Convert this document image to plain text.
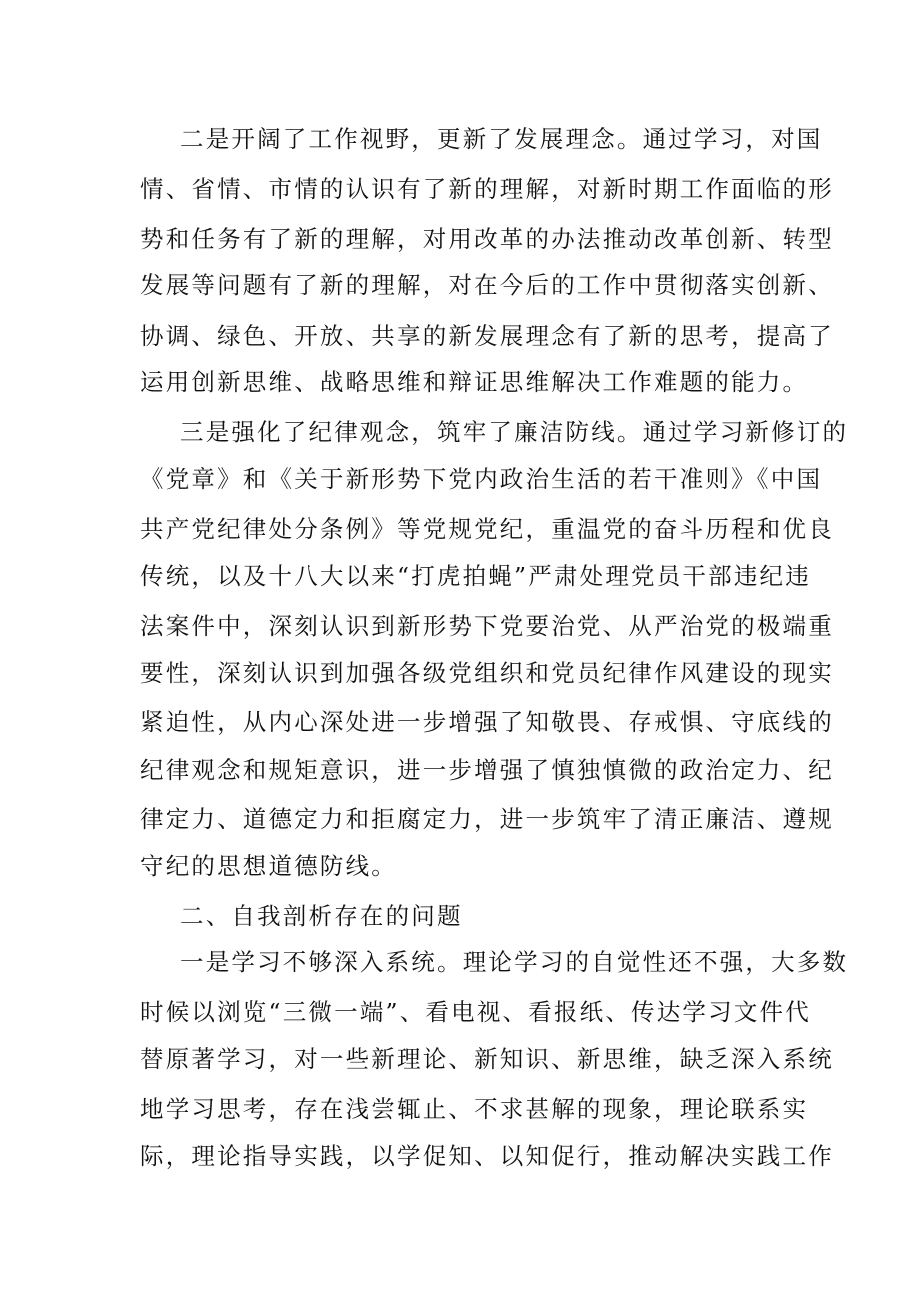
二是开阔了工作视野，更新了发展理念。通过学习，对国
情、省情、市情的认识有了新的理解，对新时期工作面临的形
势和任务有了新的理解，对用改革的办法推动改革创新、转型
发展等问题有了新的理解，对在今后的工作中贯彻落实创新、
协调、绿色、开放、共享的新发展理念有了新的思考，提高了
运用创新思维、战略思维和辩证思维解决工作难题的能力。
三是强化了纪律观念，筑牢了廉洁防线。通过学习新修订的
《党章》和《关于新形势下党内政治生活的若干准则》《中国
共产党纪律处分条例》等党规党纪，重温党的奋斗历程和优良
传统，以及十八大以来“打虎拍蝇”严肃处理党员干部违纪违
法案件中，深刻认识到新形势下党要治党、从严治党的极端重
要性，深刻认识到加强各级党组织和党员纪律作风建设的现实
紧迫性，从内心深处进一步增强了知敬畏、存戒惧、守底线的
纪律观念和规矩意识，进一步增强了慎独慎微的政治定力、纪
律定力、道德定力和拒腐定力，进一步筑牢了清正廉洁、遵规
守纪的思想道德防线。
二、自我剖析存在的问题
一是学习不够深入系统。理论学习的自觉性还不强，大多数
时候以浏览“三微一端”、看电视、看报纸、传达学习文件代
替原著学习，对一些新理论、新知识、新思维，缺乏深入系统
地学习思考，存在浅尝辄止、不求甚解的现象，理论联系实
际，理论指导实践，以学促知、以知促行，推动解决实践工作
